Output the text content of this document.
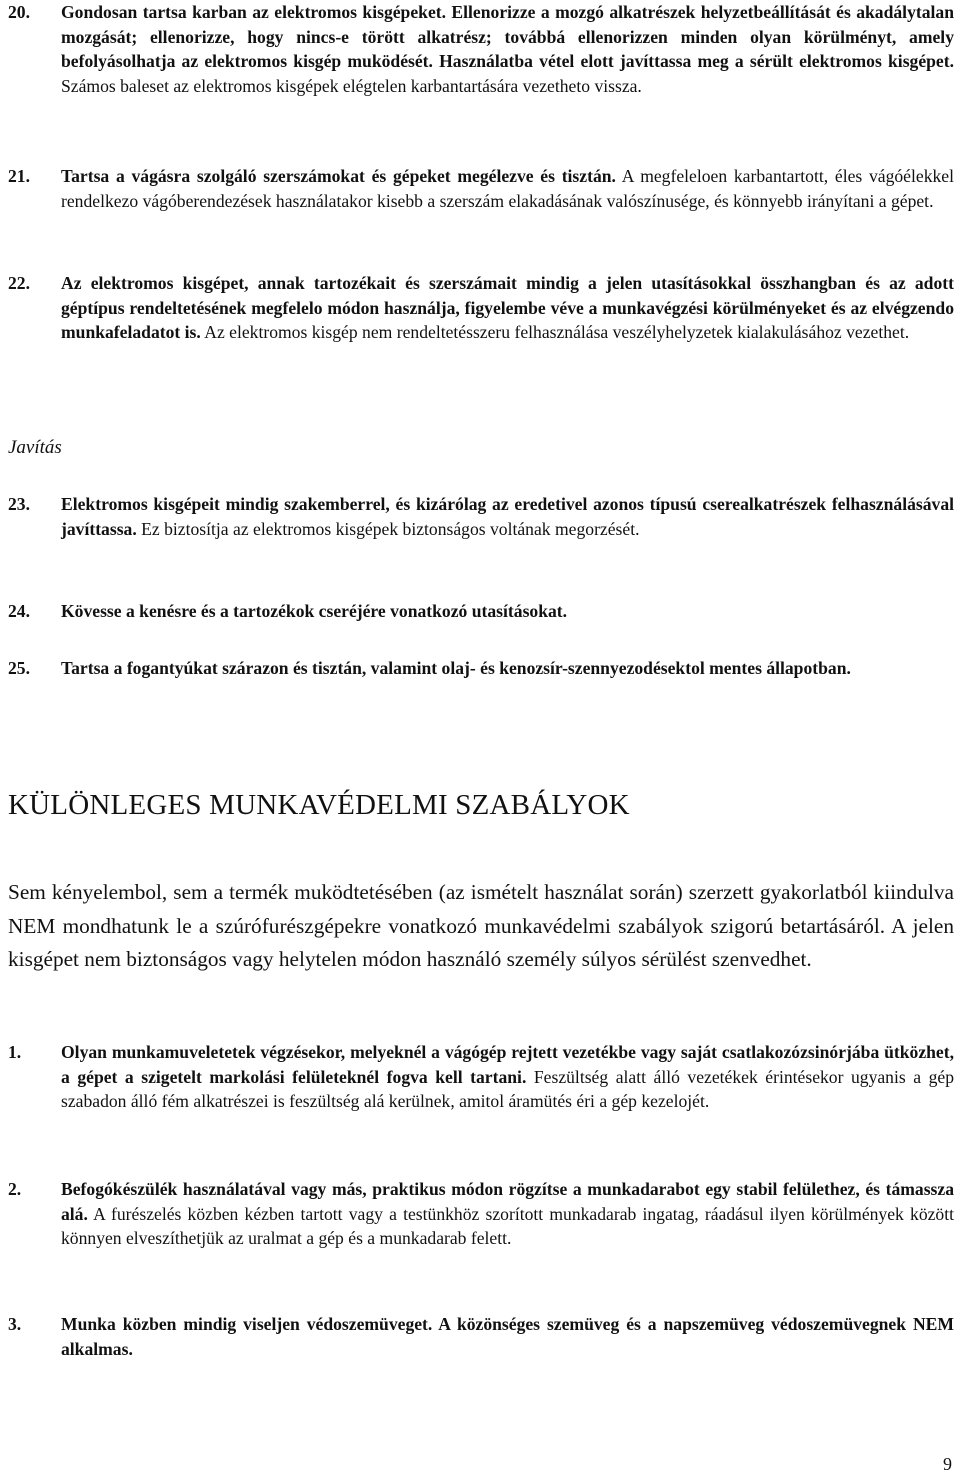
20. Gondosan tartsa karban az elektromos kisgépeket. Ellenorizze a mozgó alkatrészek helyzetbeállítását és akadálytalan mozgását; ellenorizze, hogy nincs-e törött alkatrész; továbbá ellenorizzen minden olyan körülményt, amely befolyásolhatja az elektromos kisgép muködését. Használatba vétel elott javíttassa meg a sérült elektromos kisgépet. Számos baleset az elektromos kisgépek elégtelen karbantartására vezetheto vissza.
21. Tartsa a vágásra szolgáló szerszámokat és gépeket megélezve és tisztán. A megfeleloen karbantartott, éles vágóélekkel rendelkezo vágóberendezések használatakor kisebb a szerszám elakadásának valószínusége, és könnyebb irányítani a gépet.
22. Az elektromos kisgépet, annak tartozékait és szerszámait mindig a jelen utasításokkal összhangban és az adott géptípus rendeltetésének megfelelo módon használja, figyelembe véve a munkavégzési körülményeket és az elvégzendo munkafeladatot is. Az elektromos kisgép nem rendeltetésszeru felhasználása veszélyhelyzetek kialakulásához vezethet.
Javítás
23. Elektromos kisgépeit mindig szakemberrel, és kizárólag az eredetivel azonos típusú cserealkatrészek felhasználásával javíttassa. Ez biztosítja az elektromos kisgépek biztonságos voltának megorzését.
24. Kövesse a kenésre és a tartozékok cseréjére vonatkozó utasításokat.
25. Tartsa a fogantyúkat szárazon és tisztán, valamint olaj- és kenozsír-szennyezodésektol mentes állapotban.
KÜLÖNLEGES MUNKAVÉDELMI SZABÁLYOK
Sem kényelembol, sem a termék muködtetésében (az ismételt használat során) szerzett gyakorlatból kiindulva NEM mondhatunk le a szúrófurészgépekre vonatkozó munkavédelmi szabályok szigorú betartásáról. A jelen kisgépet nem biztonságos vagy helytelen módon használó személy súlyos sérülést szenvedhet.
1. Olyan munkamuveletetek végzésekor, melyeknél a vágógép rejtett vezetékbe vagy saját csatlakozózsinórjába ütközhet, a gépet a szigetelt markolási felületeknél fogva kell tartani. Feszültség alatt álló vezetékek érintésekor ugyanis a gép szabadon álló fém alkatrészei is feszültség alá kerülnek, amitol áramütés éri a gép kezelojét.
2. Befogókészülék használatával vagy más, praktikus módon rögzítse a munkadarabot egy stabil felülethez, és támassza alá. A furészelés közben kézben tartott vagy a testünkhöz szorított munkadarab ingatag, ráadásul ilyen körülmények között könnyen elveszíthetjük az uralmat a gép és a munkadarab felett.
3. Munka közben mindig viseljen védoszemüveget. A közönséges szemüveg és a napszemüveg védoszemüvegnek NEM alkalmas.
9
